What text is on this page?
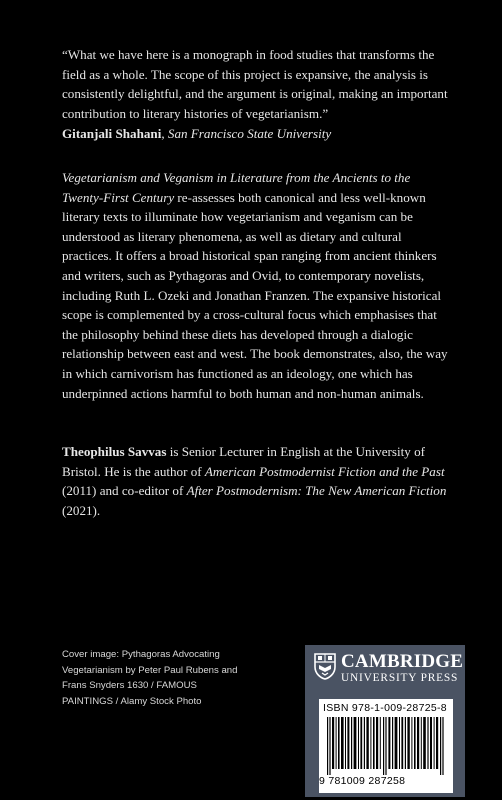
“What we have here is a monograph in food studies that transforms the field as a whole. The scope of this project is expansive, the analysis is consistently delightful, and the argument is original, making an important contribution to literary histories of vegetarianism.”

Gitanjali Shahani, San Francisco State University

Vegetarianism and Veganism in Literature from the Ancients to the Twenty-First Century re-assesses both canonical and less well-known literary texts to illuminate how vegetarianism and veganism can be understood as literary phenomena, as well as dietary and cultural practices. It offers a broad historical span ranging from ancient thinkers and writers, such as Pythagoras and Ovid, to contemporary novelists, including Ruth L. Ozeki and Jonathan Franzen. The expansive historical scope is complemented by a cross-cultural focus which emphasises that the philosophy behind these diets has developed through a dialogic relationship between east and west. The book demonstrates, also, the way in which carnivorism has functioned as an ideology, one which has underpinned actions harmful to both human and non-human animals.

Theophilus Savvas is Senior Lecturer in English at the University of Bristol. He is the author of American Postmodernist Fiction and the Past (2011) and co-editor of After Postmodernism: The New American Fiction (2021).

Cover image: Pythagoras Advocating Vegetarianism by Peter Paul Rubens and Frans Snyders 1630 / FAMOUS PAINTINGS / Alamy Stock Photo
CAMBRIDGE
UNIVERSITY PRESS
ISBN 978-1-009-28725-8
9 781009 287258
